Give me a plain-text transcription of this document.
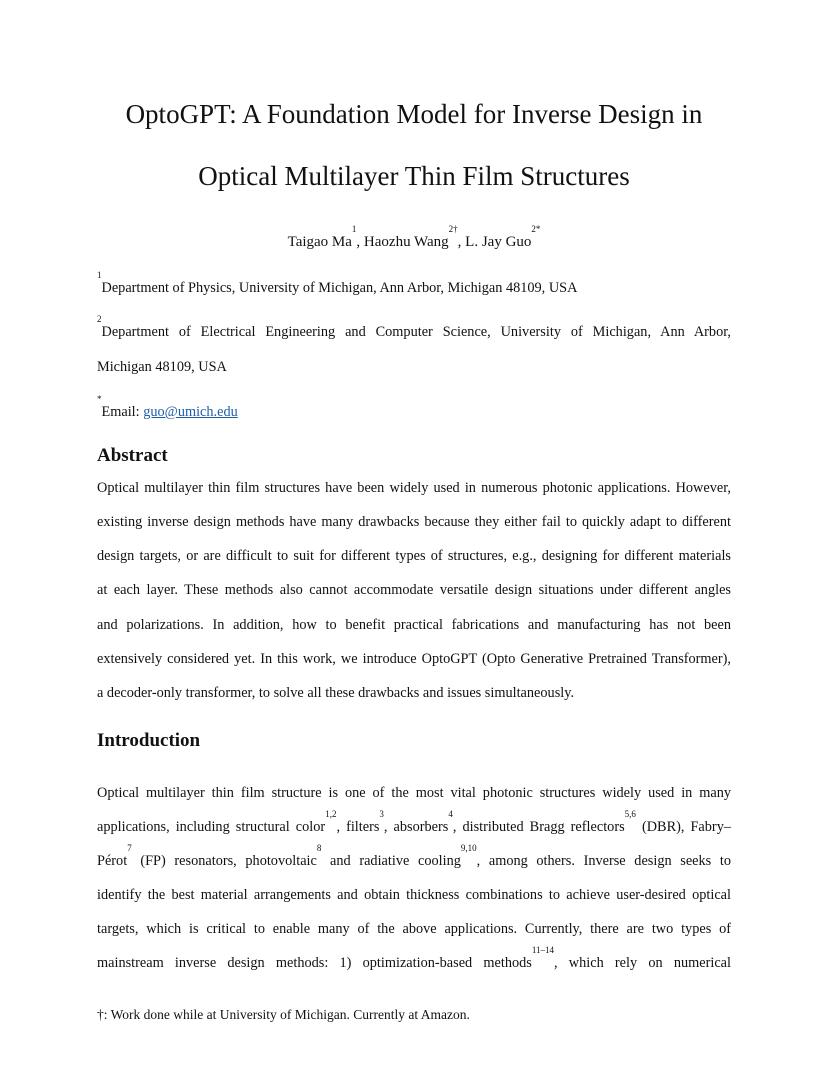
OptoGPT: A Foundation Model for Inverse Design in
Optical Multilayer Thin Film Structures
Taigao Ma$^1$, Haozhu Wang$^{2\dagger}$, L. Jay Guo$^{2*}$
$^1$Department of Physics, University of Michigan, Ann Arbor, Michigan 48109, USA
$^2$Department of Electrical Engineering and Computer Science, University of Michigan, Ann Arbor,
Michigan 48109, USA
*Email: guo@umich.edu
Abstract
Optical multilayer thin film structures have been widely used in numerous photonic applications. However,
existing inverse design methods have many drawbacks because they either fail to quickly adapt to different
design targets, or are difficult to suit for different types of structures, e.g., designing for different materials
at each layer. These methods also cannot accommodate versatile design situations under different angles
and polarizations. In addition, how to benefit practical fabrications and manufacturing has not been
extensively considered yet. In this work, we introduce OptoGPT (Opto Generative Pretrained Transformer),
a decoder-only transformer, to solve all these drawbacks and issues simultaneously.
Introduction
Optical multilayer thin film structure is one of the most vital photonic structures widely used in many
applications, including structural color$^{1,2}$, filters$^3$, absorbers$^4$, distributed Bragg reflectors$^{5,6}$ (DBR), Fabry–
Pérot$^7$ (FP) resonators, photovoltaic$^8$ and radiative cooling$^{9,10}$, among others. Inverse design seeks to
identify the best material arrangements and obtain thickness combinations to achieve user-desired optical
targets, which is critical to enable many of the above applications. Currently, there are two types of
mainstream inverse design methods: 1) optimization-based methods$^{11-14}$, which rely on numerical
†: Work done while at University of Michigan. Currently at Amazon.
